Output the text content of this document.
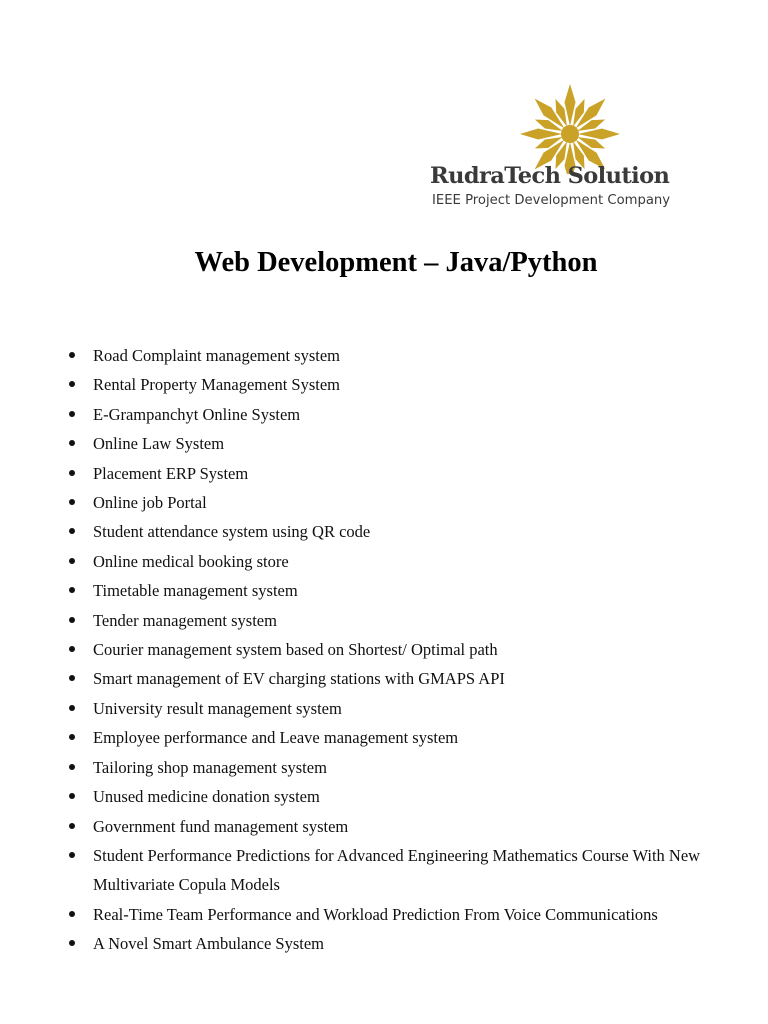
RudraTech Solution
IEEE Project Development Company
Web Development – Java/Python
Road Complaint management system
Rental Property Management System
E-Grampanchyt Online System
Online Law System
Placement ERP System
Online job Portal
Student attendance system using QR code
Online medical booking store
Timetable management system
Tender management system
Courier management system based on Shortest/ Optimal path
Smart management of EV charging stations with GMAPS API
University result management system
Employee performance and Leave management system
Tailoring shop management system
Unused medicine donation system
Government fund management system
Student Performance Predictions for Advanced Engineering Mathematics Course With New Multivariate Copula Models
Real-Time Team Performance and Workload Prediction From Voice Communications
A Novel Smart Ambulance System
